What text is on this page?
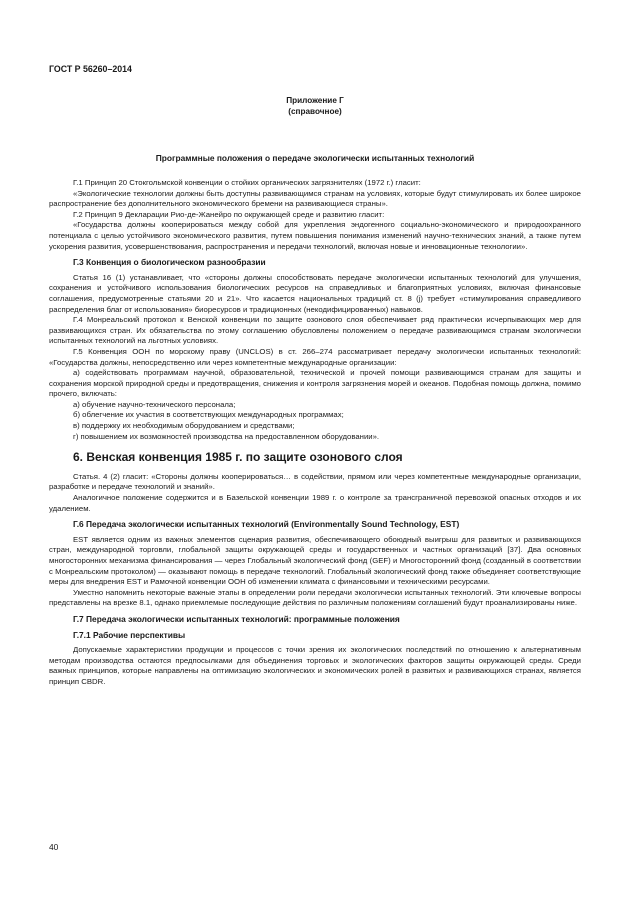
ГОСТ Р 56260–2014

Приложение Г
(справочное)

Программные положения о передаче экологически испытанных технологий

Г.1 Принцип 20 Стокгольмской конвенции о стойких органических загрязнителях (1972 г.) гласит:

«Экологические технологии должны быть доступны развивающимся странам на условиях, которые будут стимулировать их более широкое распространение без дополнительного экономического бремени на развивающиеся страны».

Г.2 Принцип 9 Декларации Рио-де-Жанейро по окружающей среде и развитию гласит:

«Государства должны кооперироваться между собой для укрепления эндогенного социально-экономического и природоохранного потенциала с целью устойчивого экономического развития, путем повышения понимания изменений научно-технических знаний, а также путем ускорения развития, усовершенствования, распространения и передачи технологий, включая новые и инновационные технологии».

Г.3 Конвенция о биологическом разнообразии

Статья 16 (1) устанавливает, что «стороны должны способствовать передаче экологически испытанных технологий для улучшения, сохранения и устойчивого использования биологических ресурсов на справедливых и благоприятных условиях, включая финансовые соглашения, предусмотренные статьями 20 и 21». Что касается национальных традиций ст. 8 (j) требует «стимулирования справедливого распределения благ от использования» биоресурсов и традиционных (некодифицированных) навыков.

Г.4 Монреальский протокол к Венской конвенции по защите озонового слоя обеспечивает ряд практически исчерпывающих мер для развивающихся стран. Их обязательства по этому соглашению обусловлены положением о передаче развивающимся странам экологически испытанных технологий на льготных условиях.

Г.5 Конвенция ООН по морскому праву (UNCLOS) в ст. 266–274 рассматривает передачу экологически испытанных технологий: «Государства должны, непосредственно или через компетентные международные организации:

а) содействовать программам научной, образовательной, технической и прочей помощи развивающимся странам для защиты и сохранения морской природной среды и предотвращения, снижения и контроля загрязнения морей и океанов. Подобная помощь должна, помимо прочего, включать:

а) обучение научно-технического персонала;

б) облегчение их участия в соответствующих международных программах;

в) поддержку их необходимым оборудованием и средствами;

г) повышением их возможностей производства на предоставленном оборудовании».

6. Венская конвенция 1985 г. по защите озонового слоя

Статья. 4 (2) гласит: «Стороны должны кооперироваться… в содействии, прямом или через компетентные международные организации, разработке и передаче технологий и знаний».

Аналогичное положение содержится и в Базельской конвенции 1989 г. о контроле за трансграничной перевозкой опасных отходов и их удалением.

Г.6 Передача экологически испытанных технологий (Environmentally Sound Technology, EST)

EST является одним из важных элементов сценария развития, обеспечивающего обоюдный выигрыш для развитых и развивающихся стран, международной торговли, глобальной защиты окружающей среды и государственных и частных организаций [37]. Два основных многосторонних механизма финансирования — через Глобальный экологический фонд (GEF) и Многосторонний фонд (созданный в соответствии с Монреальским протоколом) — оказывают помощь в передаче технологий. Глобальный экологический фонд также объединяет соответствующие меры для внедрения EST и Рамочной конвенции ООН об изменении климата с финансовыми и техническими ресурсами.

Уместно напомнить некоторые важные этапы в определении роли передачи экологически испытанных технологий. Эти ключевые вопросы представлены на врезке 8.1, однако приемлемые последующие действия по различным положениям соглашений будут проанализированы ниже.

Г.7 Передача экологически испытанных технологий: программные положения
Г.7.1 Рабочие перспективы

Допускаемые характеристики продукции и процессов с точки зрения их экологических последствий по отношению к альтернативным методам производства остаются предпосылками для объединения торговых и экологических факторов защиты окружающей среды. Среди важных принципов, которые направлены на оптимизацию экологических и экономических ролей в развитых и развивающихся странах, является принцип CBDR.

40
